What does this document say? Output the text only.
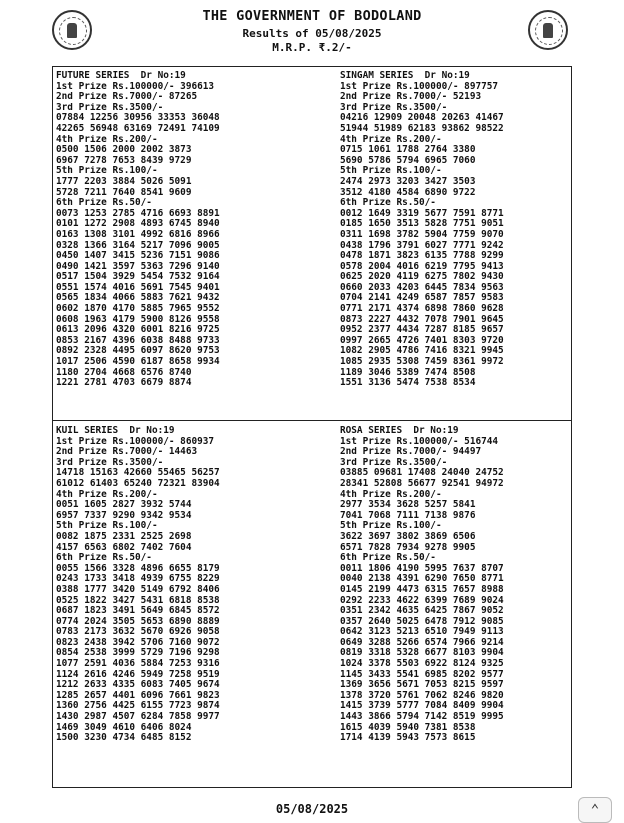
THE GOVERNMENT OF BODOLAND
Results of 05/08/2025
M.R.P. ₹.2/-
FUTURE SERIES  Dr No:19
1st Prize Rs.100000/- 396613
2nd Prize Rs.7000/- 87265
3rd Prize Rs.3500/-
07884 12256 30956 33353 36048
42265 56948 63169 72491 74109
4th Prize Rs.200/-
0500 1506 2000 2002 3873
6967 7278 7653 8439 9729
5th Prize Rs.100/-
1777 2203 3884 5026 5091
5728 7211 7640 8541 9609
6th Prize Rs.50/-
0073 1253 2785 4716 6693 8891
0101 1272 2908 4893 6745 8940
0163 1308 3101 4992 6816 8966
0328 1366 3164 5217 7096 9005
0450 1407 3415 5236 7151 9086
0490 1421 3597 5363 7296 9140
0517 1504 3929 5454 7532 9164
0551 1574 4016 5691 7545 9401
0565 1834 4066 5883 7621 9432
0602 1870 4170 5885 7965 9552
0608 1963 4179 5900 8126 9558
0613 2096 4320 6001 8216 9725
0853 2167 4396 6038 8488 9733
0892 2328 4495 6097 8620 9753
1017 2506 4590 6187 8658 9934
1180 2704 4668 6576 8740
1221 2781 4703 6679 8874
SINGAM SERIES  Dr No:19
1st Prize Rs.100000/- 897757
2nd Prize Rs.7000/- 52193
3rd Prize Rs.3500/-
04216 12909 20048 20263 41467
51944 51989 62183 93862 98522
4th Prize Rs.200/-
0715 1061 1788 2764 3380
5690 5786 5794 6965 7060
5th Prize Rs.100/-
2474 2973 3203 3427 3503
3512 4180 4584 6890 9722
6th Prize Rs.50/-
0012 1649 3319 5677 7591 8771
0185 1650 3513 5828 7751 9051
0311 1698 3782 5904 7759 9070
0438 1796 3791 6027 7771 9242
0478 1871 3823 6135 7788 9299
0578 2004 4016 6219 7795 9413
0625 2020 4119 6275 7802 9430
0660 2033 4203 6445 7834 9563
0704 2141 4249 6587 7857 9583
0771 2171 4374 6898 7860 9628
0873 2227 4432 7078 7901 9645
0952 2377 4434 7287 8185 9657
0997 2665 4726 7401 8303 9720
1082 2905 4786 7416 8321 9945
1085 2935 5308 7459 8361 9972
1189 3046 5389 7474 8508
1551 3136 5474 7538 8534
KUIL SERIES  Dr No:19
1st Prize Rs.100000/- 860937
2nd Prize Rs.7000/- 14463
3rd Prize Rs.3500/-
14718 15163 42660 55465 56257
61012 61403 65240 72321 83904
4th Prize Rs.200/-
0051 1605 2827 3932 5744
6957 7337 9290 9342 9534
5th Prize Rs.100/-
0082 1875 2331 2525 2698
4157 6563 6802 7402 7604
6th Prize Rs.50/-
0055 1566 3328 4896 6655 8179
0243 1733 3418 4939 6755 8229
0388 1777 3420 5149 6792 8406
0525 1822 3427 5431 6818 8538
0687 1823 3491 5649 6845 8572
0774 2024 3505 5653 6890 8889
0783 2173 3632 5670 6926 9058
0823 2438 3942 5706 7160 9072
0854 2538 3999 5729 7196 9298
1077 2591 4036 5884 7253 9316
1124 2616 4246 5949 7258 9519
1212 2633 4335 6083 7405 9674
1285 2657 4401 6096 7661 9823
1360 2756 4425 6155 7723 9874
1430 2987 4507 6284 7858 9977
1469 3049 4610 6406 8024
1500 3230 4734 6485 8152
ROSA SERIES  Dr No:19
1st Prize Rs.100000/- 516744
2nd Prize Rs.7000/- 94497
3rd Prize Rs.3500/-
03885 09681 17408 24040 24752
28341 52808 56677 92541 94972
4th Prize Rs.200/-
2977 3534 3628 5257 5841
7041 7068 7111 7138 9876
5th Prize Rs.100/-
3622 3697 3802 3869 6506
6571 7828 7934 9278 9905
6th Prize Rs.50/-
0011 1806 4190 5995 7637 8707
0040 2138 4391 6290 7650 8771
0145 2199 4473 6315 7657 8988
0292 2233 4622 6399 7689 9024
0351 2342 4635 6425 7867 9052
0357 2640 5025 6478 7912 9085
0642 3123 5213 6510 7949 9113
0649 3288 5266 6574 7966 9214
0819 3318 5328 6677 8103 9904
1024 3378 5503 6922 8124 9325
1145 3433 5541 6985 8202 9577
1369 3656 5671 7053 8215 9597
1378 3720 5761 7062 8246 9820
1415 3739 5777 7084 8409 9904
1443 3866 5794 7142 8519 9995
1615 4039 5940 7381 8538
1714 4139 5943 7573 8615
05/08/2025	⌃
